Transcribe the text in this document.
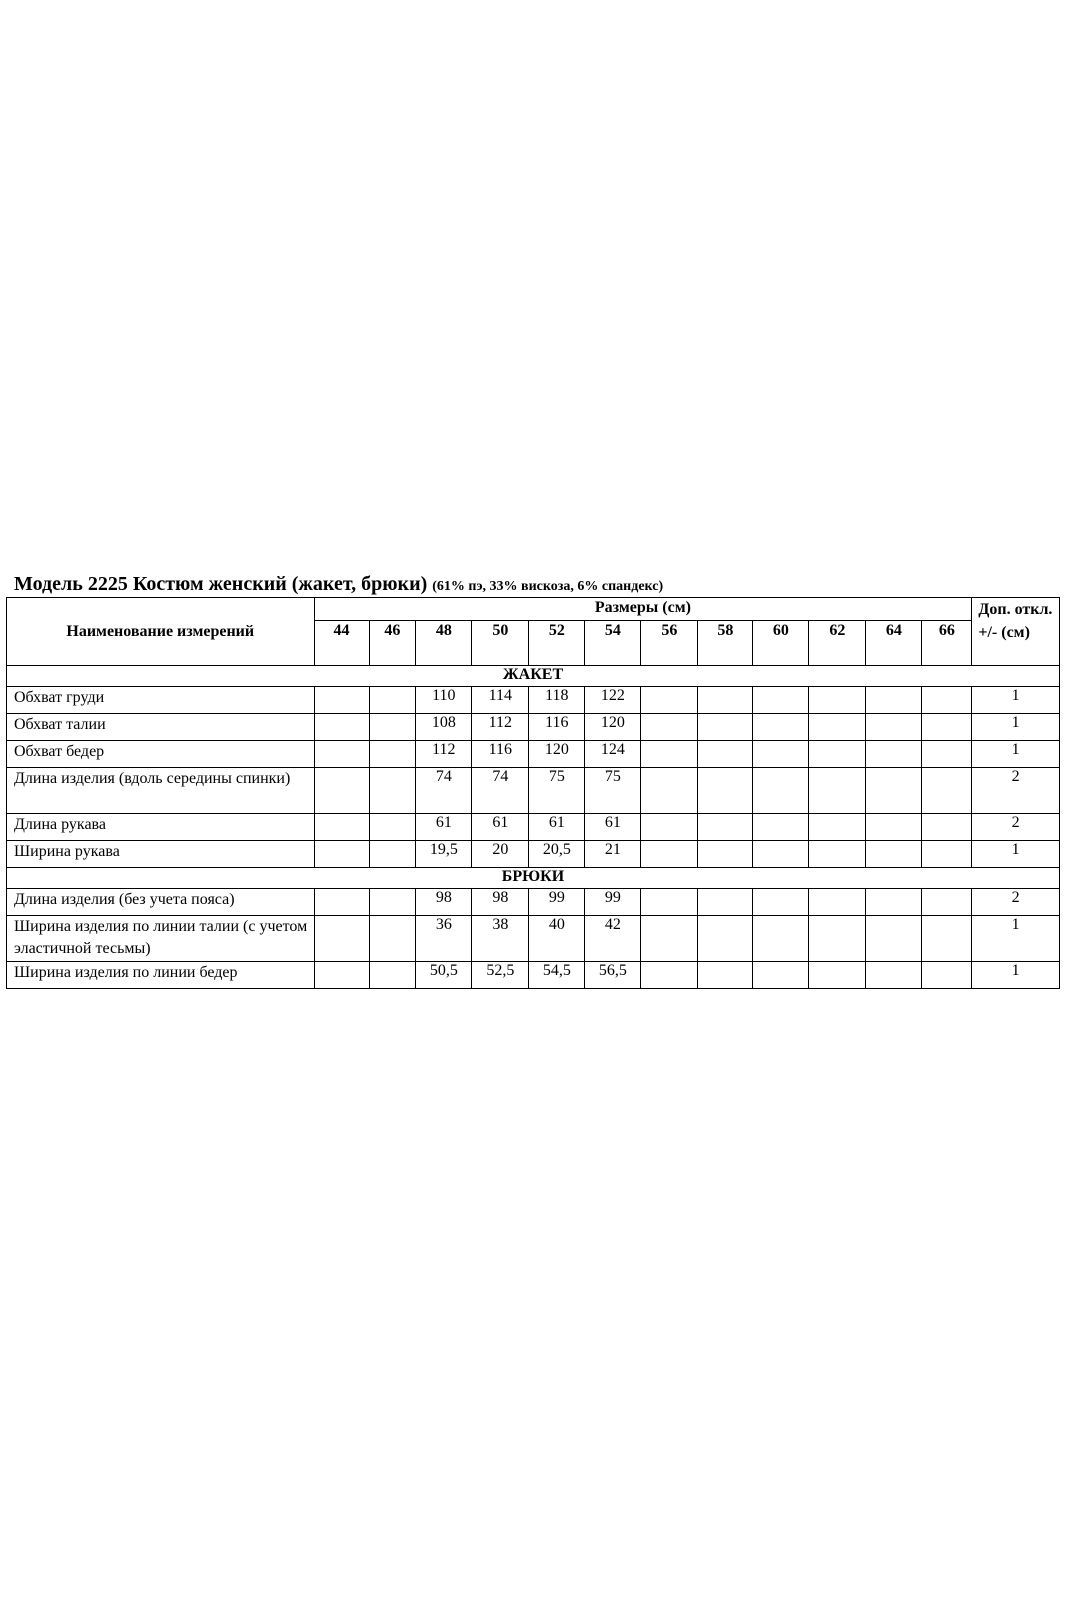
Модель 2225 Костюм женский (жакет, брюки) (61% пэ, 33% вискоза, 6% спандекс)
Наименование измерений	Размеры (см)												Доп. откл. +/- (см)
	44	46	48	50	52	54	56	58	60	62	64	66	
ЖАКЕТ													
Обхват груди			110	114	118	122							1
Обхват талии			108	112	116	120							1
Обхват бедер			112	116	120	124							1
Длина изделия (вдоль середины спинки)			74	74	75	75							2
Длина рукава			61	61	61	61							2
Ширина рукава			19,5	20	20,5	21							1
БРЮКИ													
Длина изделия (без учета пояса)			98	98	99	99							2
Ширина изделия по линии талии (с учетом эластичной тесьмы)			36	38	40	42							1
Ширина изделия по линии бедер			50,5	52,5	54,5	56,5							1
